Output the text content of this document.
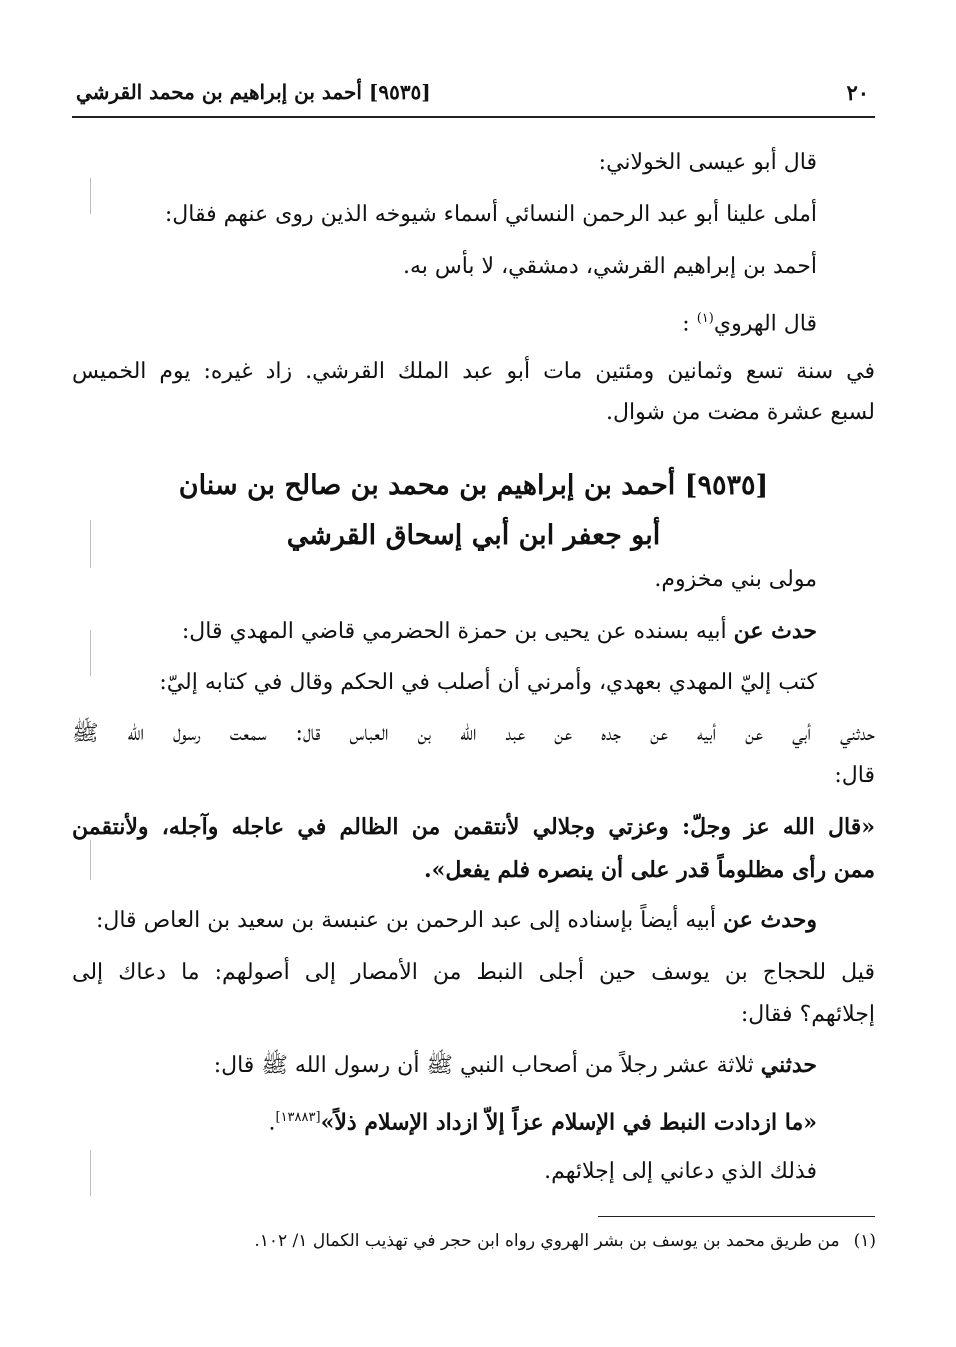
٢٠
[٩٥٣٥] أحمد بن إبراهيم بن محمد القرشي
قال أبو عيسى الخولاني:
أملى علينا أبو عبد الرحمن النسائي أسماء شيوخه الذين روى عنهم فقال:
أحمد بن إبراهيم القرشي، دمشقي، لا بأس به.
قال الهروي$^{(١)}$ :
في سنة تسع وثمانين ومئتين مات أبو عبد الملك القرشي. زاد غيره: يوم الخميس
لسبع عشرة مضت من شوال.
[٩٥٣٥] أحمد بن إبراهيم بن محمد بن صالح بن سنان
أبو جعفر ابن أبي إسحاق القرشي
مولى بني مخزوم.
حدث عن أبيه بسنده عن يحيى بن حمزة الحضرمي قاضي المهدي قال:
كتب إليّ المهدي بعهدي، وأمرني أن أصلب في الحكم وقال في كتابه إليّ:
حدثني أبي عن أبيه عن جده عن عبد الله بن العباس قال: سمعت رسول الله ﷺ
قال:
«قال الله عز وجلّ: وعزتي وجلالي لأنتقمن من الظالم في عاجله وآجله، ولأنتقمن
ممن رأى مظلوماً قدر على أن ينصره فلم يفعل».
وحدث عن أبيه أيضاً بإسناده إلى عبد الرحمن بن عنبسة بن سعيد بن العاص قال:
قيل للحجاج بن يوسف حين أجلى النبط من الأمصار إلى أصولهم: ما دعاك إلى
إجلائهم؟ فقال:
حدثني ثلاثة عشر رجلاً من أصحاب النبي ﷺ أن رسول الله ﷺ قال:
«ما ازدادت النبط في الإسلام عزاً إلاّ ازداد الإسلام ذلاً»[١٣٨٨٣].
فذلك الذي دعاني إلى إجلائهم.
(١)من طريق محمد بن يوسف بن بشر الهروي رواه ابن حجر في تهذيب الكمال ١/ ١٠٢.
